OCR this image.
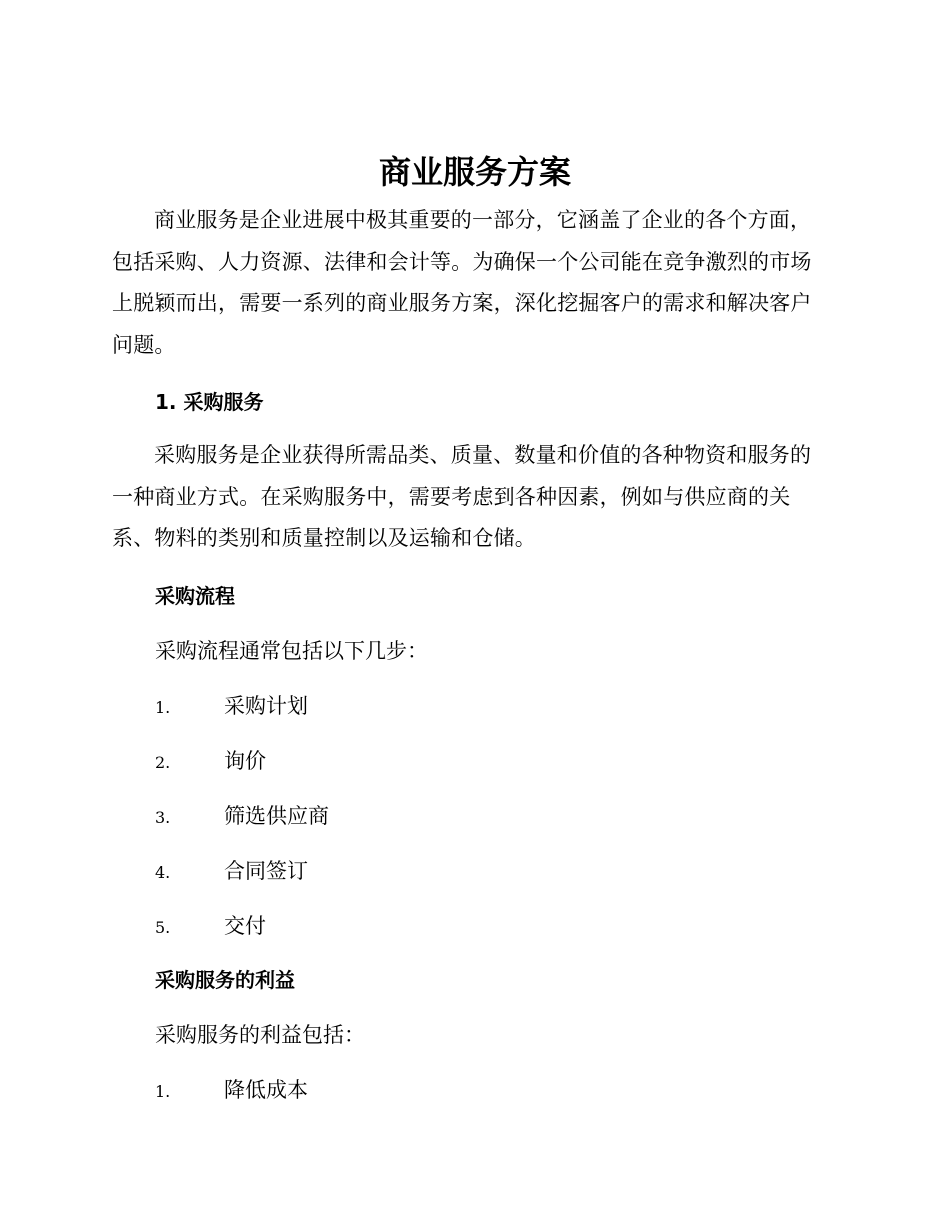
商业服务方案

商业服务是企业进展中极其重要的一部分，它涵盖了企业的各个方面，包括采购、人力资源、法律和会计等。为确保一个公司能在竞争激烈的市场上脱颖而出，需要一系列的商业服务方案，深化挖掘客户的需求和解决客户问题。

1. 采购服务

采购服务是企业获得所需品类、质量、数量和价值的各种物资和服务的一种商业方式。在采购服务中，需要考虑到各种因素，例如与供应商的关系、物料的类别和质量控制以及运输和仓储。

采购流程

采购流程通常包括以下几步：

1.	采购计划
2.	询价
3.	筛选供应商
4.	合同签订
5.	交付
采购服务的利益

采购服务的利益包括：

1.	降低成本
